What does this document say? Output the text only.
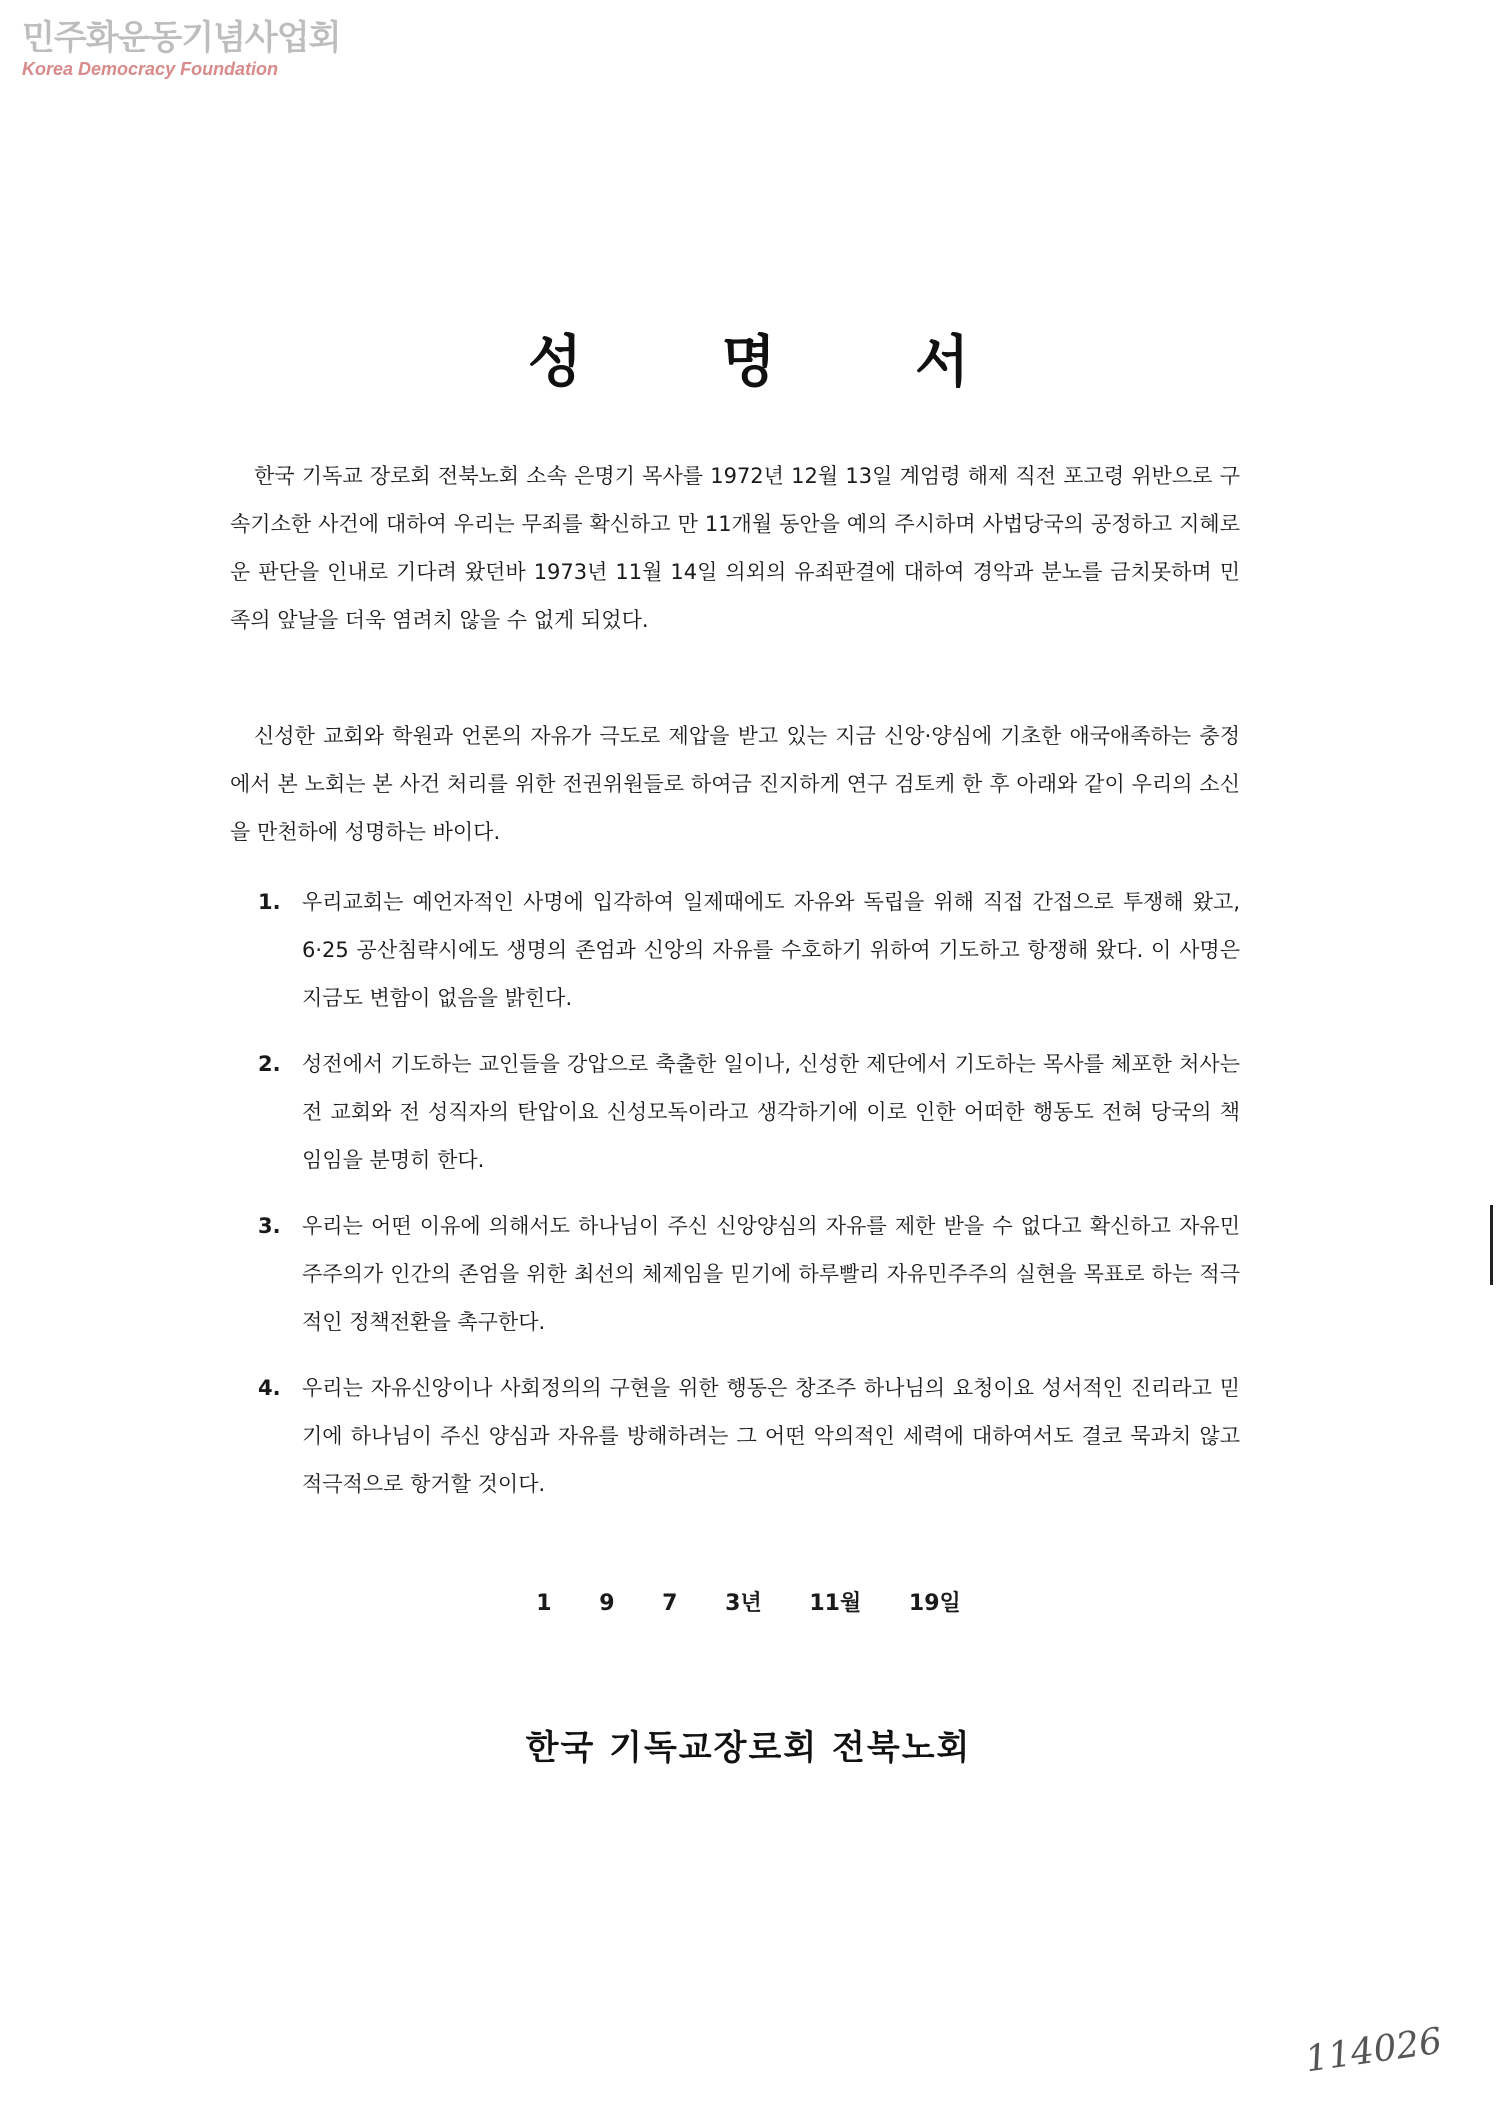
민주화운동기념사업회
Korea Democracy Foundation
성 명 서

한국 기독교 장로회 전북노회 소속 은명기 목사를 1972년 12월 13일 계엄령 해제 직전 포고령 위반으로 구속기소한 사건에 대하여 우리는 무죄를 확신하고 만 11개월 동안을 예의 주시하며 사법당국의 공정하고 지혜로운 판단을 인내로 기다려 왔던바 1973년 11월 14일 의외의 유죄판결에 대하여 경악과 분노를 금치못하며 민족의 앞날을 더욱 염려치 않을 수 없게 되었다.

신성한 교회와 학원과 언론의 자유가 극도로 제압을 받고 있는 지금 신앙·양심에 기초한 애국애족하는 충정에서 본 노회는 본 사건 처리를 위한 전권위원들로 하여금 진지하게 연구 검토케 한 후 아래와 같이 우리의 소신을 만천하에 성명하는 바이다.

1.	우리교회는 예언자적인 사명에 입각하여 일제때에도 자유와 독립을 위해 직접 간접으로 투쟁해 왔고, 6·25 공산침략시에도 생명의 존엄과 신앙의 자유를 수호하기 위하여 기도하고 항쟁해 왔다. 이 사명은 지금도 변함이 없음을 밝힌다.
2.	성전에서 기도하는 교인들을 강압으로 축출한 일이나, 신성한 제단에서 기도하는 목사를 체포한 처사는 전 교회와 전 성직자의 탄압이요 신성모독이라고 생각하기에 이로 인한 어떠한 행동도 전혀 당국의 책임임을 분명히 한다.
3.	우리는 어떤 이유에 의해서도 하나님이 주신 신앙양심의 자유를 제한 받을 수 없다고 확신하고 자유민주주의가 인간의 존엄을 위한 최선의 체제임을 믿기에 하루빨리 자유민주주의 실현을 목표로 하는 적극적인 정책전환을 촉구한다.
4.	우리는 자유신앙이나 사회정의의 구현을 위한 행동은 창조주 하나님의 요청이요 성서적인 진리라고 믿기에 하나님이 주신 양심과 자유를 방해하려는 그 어떤 악의적인 세력에 대하여서도 결코 묵과치 않고 적극적으로 항거할 것이다.
1 9 7 3년 11월 19일
한국 기독교장로회 전북노회
114026
